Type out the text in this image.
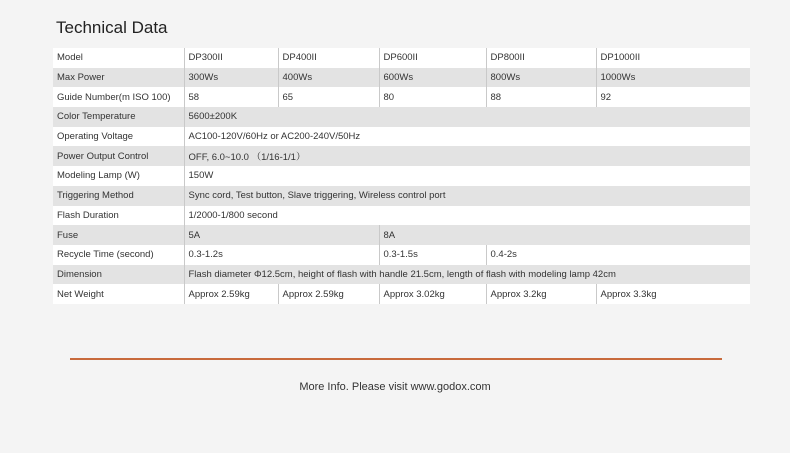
Technical Data
Model	DP300II	DP400II	DP600II	DP800II	DP1000II
Max Power	300Ws	400Ws	600Ws	800Ws	1000Ws
Guide Number(m ISO 100)	58	65	80	88	92
Color Temperature	5600±200K				
Operating Voltage	AC100-120V/60Hz or AC200-240V/50Hz				
Power Output Control	OFF, 6.0~10.0 （1/16-1/1）				
Modeling Lamp (W)	150W				
Triggering Method	Sync cord, Test button, Slave triggering, Wireless control port				
Flash Duration	1/2000-1/800 second				
Fuse	5A		8A		
Recycle Time (second)	0.3-1.2s		0.3-1.5s	0.4-2s	
Dimension	Flash diameter Φ12.5cm, height of flash with handle 21.5cm, length of flash with modeling lamp 42cm				
Net Weight	Approx 2.59kg	Approx 2.59kg	Approx 3.02kg	Approx 3.2kg	Approx 3.3kg
More Info. Please visit www.godox.com
